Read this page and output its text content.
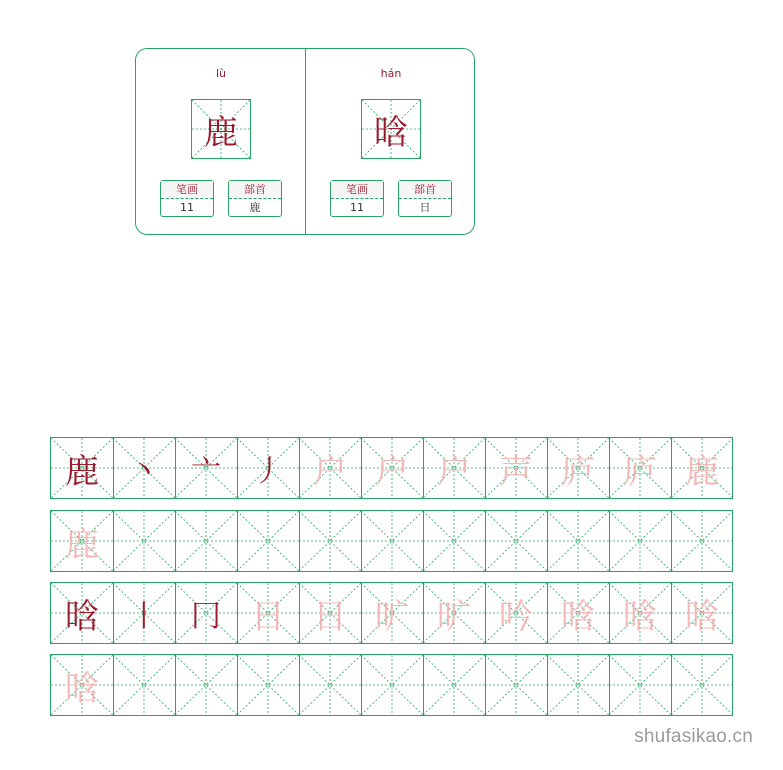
lù
鹿
笔画
11
部首
鹿
hán
晗
笔画
11
部首
日
鹿	丶	亠	丿 户 户 户 声 庐 庐 鹿
鹿
晗	丨	冂 日 日 旷 旷 吟 晗 晗 晗
晗
shufasikao.cn
